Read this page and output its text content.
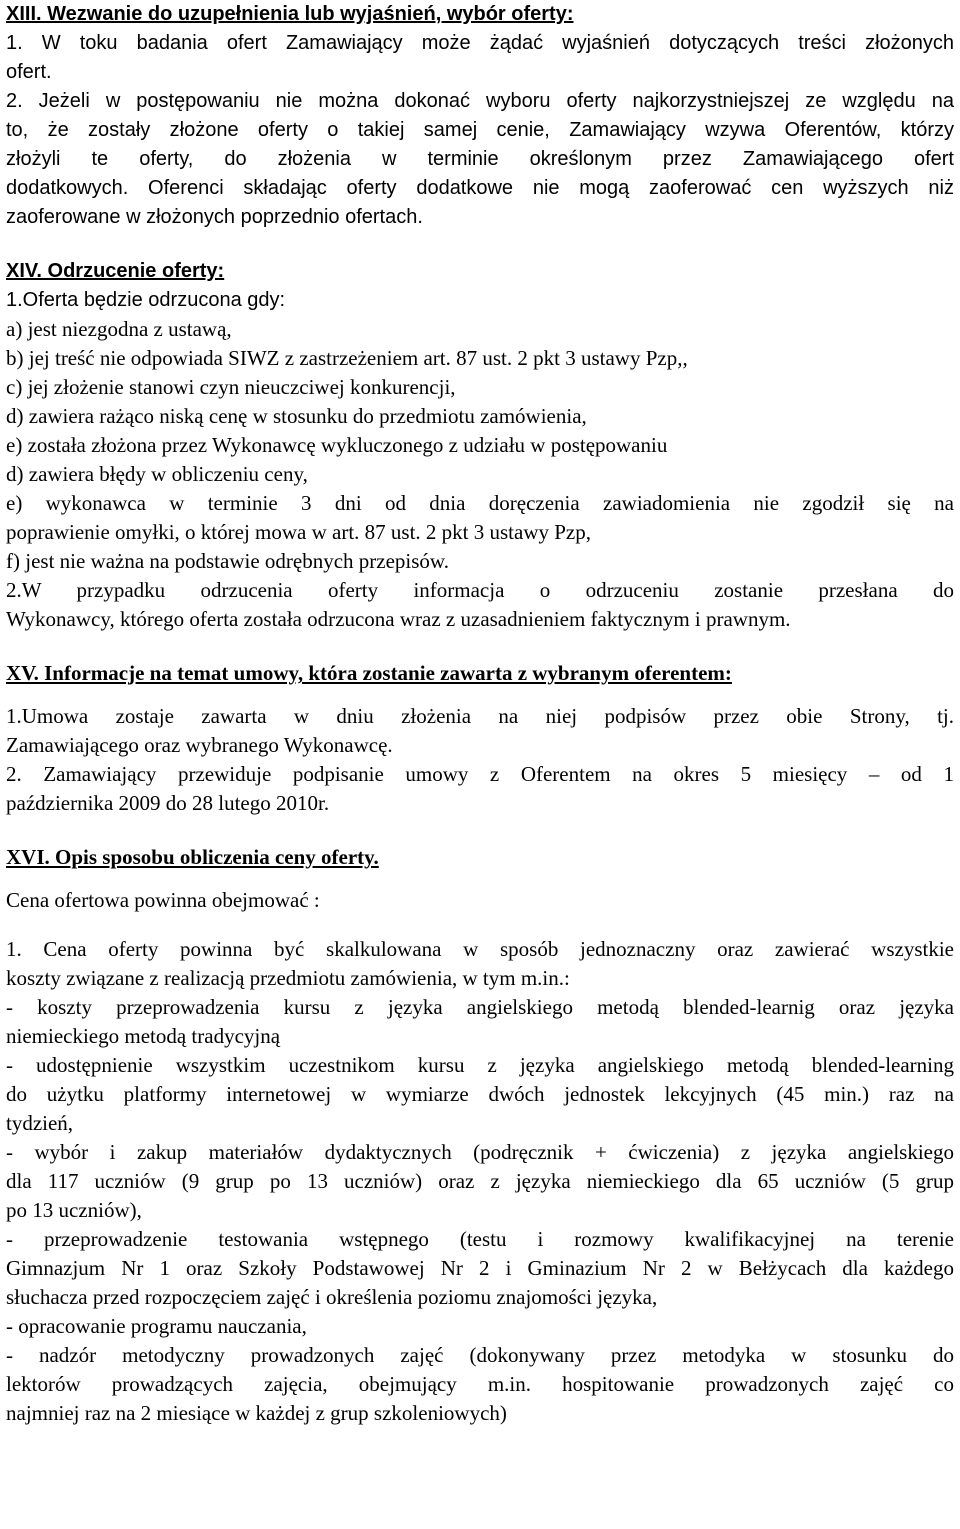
XIII. Wezwanie do uzupełnienia lub wyjaśnień, wybór oferty:
1. W toku badania ofert Zamawiający może żądać wyjaśnień dotyczących treści złożonych
ofert.
2. Jeżeli w postępowaniu nie można dokonać wyboru oferty najkorzystniejszej ze względu na
to, że zostały złożone oferty o takiej samej cenie, Zamawiający wzywa Oferentów, którzy
złożyli te oferty, do złożenia w terminie określonym przez Zamawiającego ofert
dodatkowych. Oferenci składając oferty dodatkowe nie mogą zaoferować cen wyższych niż
zaoferowane w złożonych poprzednio ofertach.
XIV. Odrzucenie oferty:
1.Oferta będzie odrzucona gdy:
a) jest niezgodna z ustawą,
b) jej treść nie odpowiada SIWZ z zastrzeżeniem art. 87 ust. 2 pkt 3 ustawy Pzp,,
c) jej złożenie stanowi czyn nieuczciwej konkurencji,
d) zawiera rażąco niską cenę w stosunku do przedmiotu zamówienia,
e) została złożona przez Wykonawcę wykluczonego z udziału w postępowaniu
d) zawiera błędy w obliczeniu ceny,
e) wykonawca w terminie 3 dni od dnia doręczenia zawiadomienia nie zgodził się na
poprawienie omyłki, o której mowa w art. 87 ust. 2 pkt 3 ustawy Pzp,
f) jest nie ważna na podstawie odrębnych przepisów.
2.W przypadku odrzucenia oferty informacja o odrzuceniu zostanie przesłana do
Wykonawcy, którego oferta została odrzucona wraz z uzasadnieniem faktycznym i prawnym.
XV. Informacje na temat umowy, która zostanie zawarta z wybranym oferentem:
1.Umowa zostaje zawarta w dniu złożenia na niej podpisów przez obie Strony, tj.
Zamawiającego oraz wybranego Wykonawcę.
2. Zamawiający przewiduje podpisanie umowy z Oferentem na okres 5 miesięcy – od 1
października 2009 do 28 lutego 2010r.
XVI. Opis sposobu obliczenia ceny oferty.
Cena ofertowa powinna obejmować :
1. Cena oferty powinna być skalkulowana w sposób jednoznaczny oraz zawierać wszystkie
koszty związane z realizacją przedmiotu zamówienia, w tym m.in.:
- koszty przeprowadzenia kursu z języka angielskiego metodą blended-learnig oraz języka
niemieckiego metodą tradycyjną
- udostępnienie wszystkim uczestnikom kursu z języka angielskiego metodą blended-learning
do użytku platformy internetowej w wymiarze dwóch jednostek lekcyjnych (45 min.) raz na
tydzień,
- wybór i zakup materiałów dydaktycznych (podręcznik + ćwiczenia) z języka angielskiego
dla 117 uczniów (9 grup po 13 uczniów) oraz z języka niemieckiego dla 65 uczniów (5 grup
po 13 uczniów),
- przeprowadzenie testowania wstępnego (testu i rozmowy kwalifikacyjnej na terenie
Gimnazjum Nr 1 oraz Szkoły Podstawowej Nr 2 i Gminazium Nr 2 w Bełżycach dla każdego
słuchacza przed rozpoczęciem zajęć i określenia poziomu znajomości języka,
- opracowanie programu nauczania,
- nadzór metodyczny prowadzonych zajęć (dokonywany przez metodyka w stosunku do
lektorów prowadzących zajęcia, obejmujący m.in. hospitowanie prowadzonych zajęć co
najmniej raz na 2 miesiące w każdej z grup szkoleniowych)
